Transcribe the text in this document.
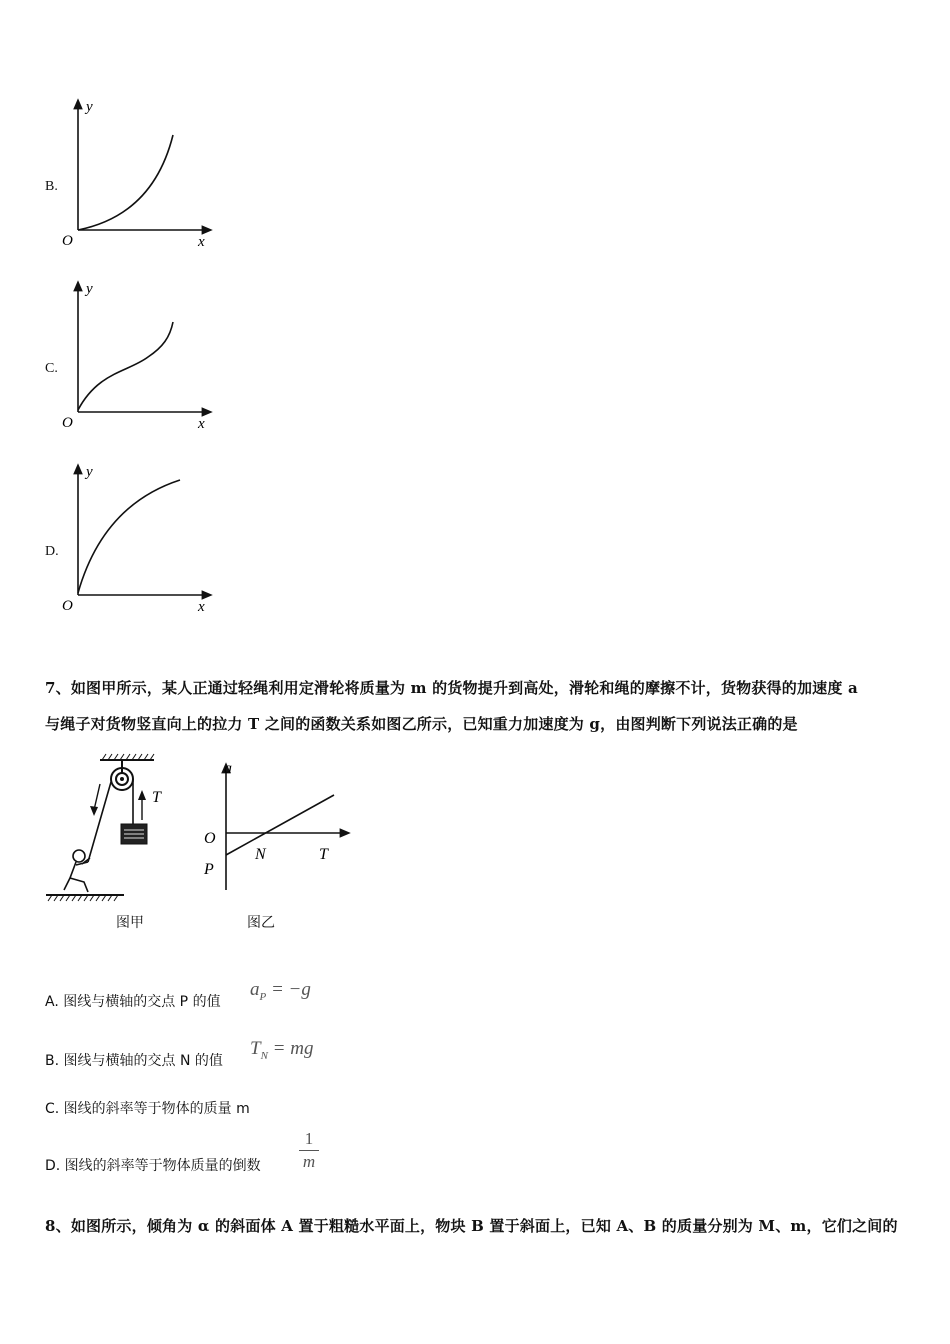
B.
y
x
O
C.
y
x
O
D.
y
x
O
7、如图甲所示，某人正通过轻绳利用定滑轮将质量为 m 的货物提升到高处，滑轮和绳的摩擦不计，货物获得的加速度 a
与绳子对货物竖直向上的拉力 T 之间的函数关系如图乙所示，已知重力加速度为 g，由图判断下列说法正确的是
T
图甲
a
T
O
P
N
图乙
A. 图线与横轴的交点 P 的值
$a_P = -g$
B. 图线与横轴的交点 N 的值
$T_N$ = mg
C. 图线的斜率等于物体的质量 m
D. 图线的斜率等于物体质量的倒数
1
m
8、如图所示，倾角为 α 的斜面体 A 置于粗糙水平面上，物块 B 置于斜面上，已知 A、B 的质量分别为 M、m，它们之间的
